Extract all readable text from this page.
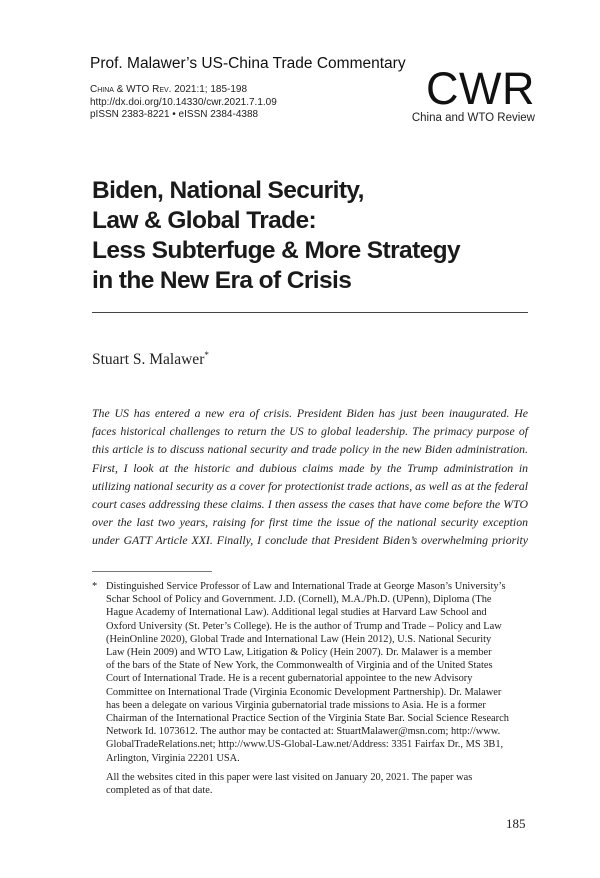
Prof. Malawer’s US-China Trade Commentary
China & WTO Rev. 2021:1; 185-198
http://dx.doi.org/10.14330/cwr.2021.7.1.09
pISSN 2383-8221 • eISSN 2384-4388
CWR
China and WTO Review
Biden, National Security,
Law & Global Trade:
Less Subterfuge & More Strategy
in the New Era of Crisis
Stuart S. Malawer*
The US has entered a new era of crisis. President Biden has just been inaugurated. He
faces historical challenges to return the US to global leadership. The primacy purpose of
this article is to discuss national security and trade policy in the new Biden administration.
First, I look at the historic and dubious claims made by the Trump administration in
utilizing national security as a cover for protectionist trade actions, as well as at the federal
court cases addressing these claims. I then assess the cases that have come before the WTO
over the last two years, raising for first time the issue of the national security exception
under GATT Article XXI. Finally, I conclude that President Biden’s overwhelming priority
* Distinguished Service Professor of Law and International Trade at George Mason’s University’s
Schar School of Policy and Government. J.D. (Cornell), M.A./Ph.D. (UPenn), Diploma (The
Hague Academy of International Law). Additional legal studies at Harvard Law School and
Oxford University (St. Peter’s College). He is the author of Trump and Trade – Policy and Law
(HeinOnline 2020), Global Trade and International Law (Hein 2012), U.S. National Security
Law (Hein 2009) and WTO Law, Litigation & Policy (Hein 2007). Dr. Malawer is a member
of the bars of the State of New York, the Commonwealth of Virginia and of the United States
Court of International Trade. He is a recent gubernatorial appointee to the new Advisory
Committee on International Trade (Virginia Economic Development Partnership). Dr. Malawer
has been a delegate on various Virginia gubernatorial trade missions to Asia. He is a former
Chairman of the International Practice Section of the Virginia State Bar. Social Science Research
Network Id. 1073612. The author may be contacted at: StuartMalawer@msn.com; http://www.
GlobalTradeRelations.net; http://www.US-Global-Law.net/Address: 3351 Fairfax Dr., MS 3B1,
Arlington, Virginia 22201 USA.
All the websites cited in this paper were last visited on January 20, 2021. The paper was
completed as of that date.
185
